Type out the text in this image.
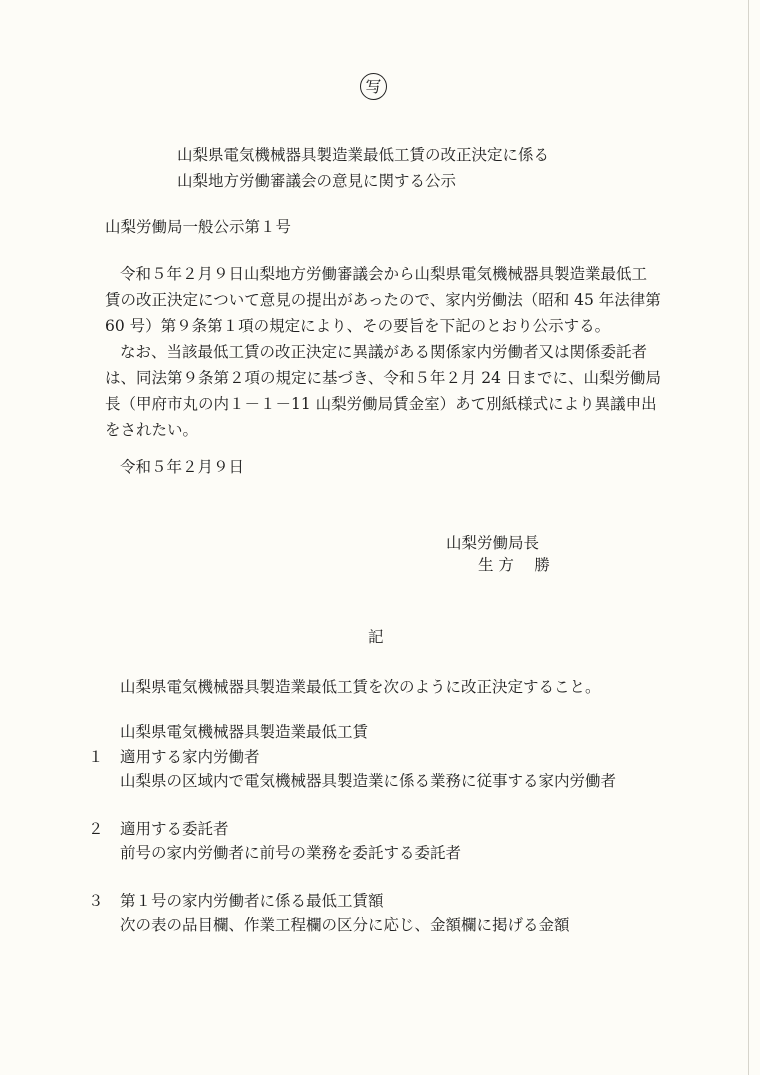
写
山梨県電気機械器具製造業最低工賃の改正決定に係る
山梨地方労働審議会の意見に関する公示
山梨労働局一般公示第１号
令和５年２月９日山梨地方労働審議会から山梨県電気機械器具製造業最低工
賃の改正決定について意見の提出があったので、家内労働法（昭和 45 年法律第
60 号）第９条第１項の規定により、その要旨を下記のとおり公示する。
なお、当該最低工賃の改正決定に異議がある関係家内労働者又は関係委託者
は、同法第９条第２項の規定に基づき、令和５年２月 24 日までに、山梨労働局
長（甲府市丸の内１－１－11 山梨労働局賃金室）あて別紙様式により異議申出
をされたい。
令和５年２月９日
山梨労働局長
生 方　 勝
記
山梨県電気機械器具製造業最低工賃を次のように改正決定すること。
山梨県電気機械器具製造業最低工賃
１ 適用する家内労働者
山梨県の区域内で電気機械器具製造業に係る業務に従事する家内労働者
２ 適用する委託者
前号の家内労働者に前号の業務を委託する委託者
３ 第１号の家内労働者に係る最低工賃額
次の表の品目欄、作業工程欄の区分に応じ、金額欄に掲げる金額
